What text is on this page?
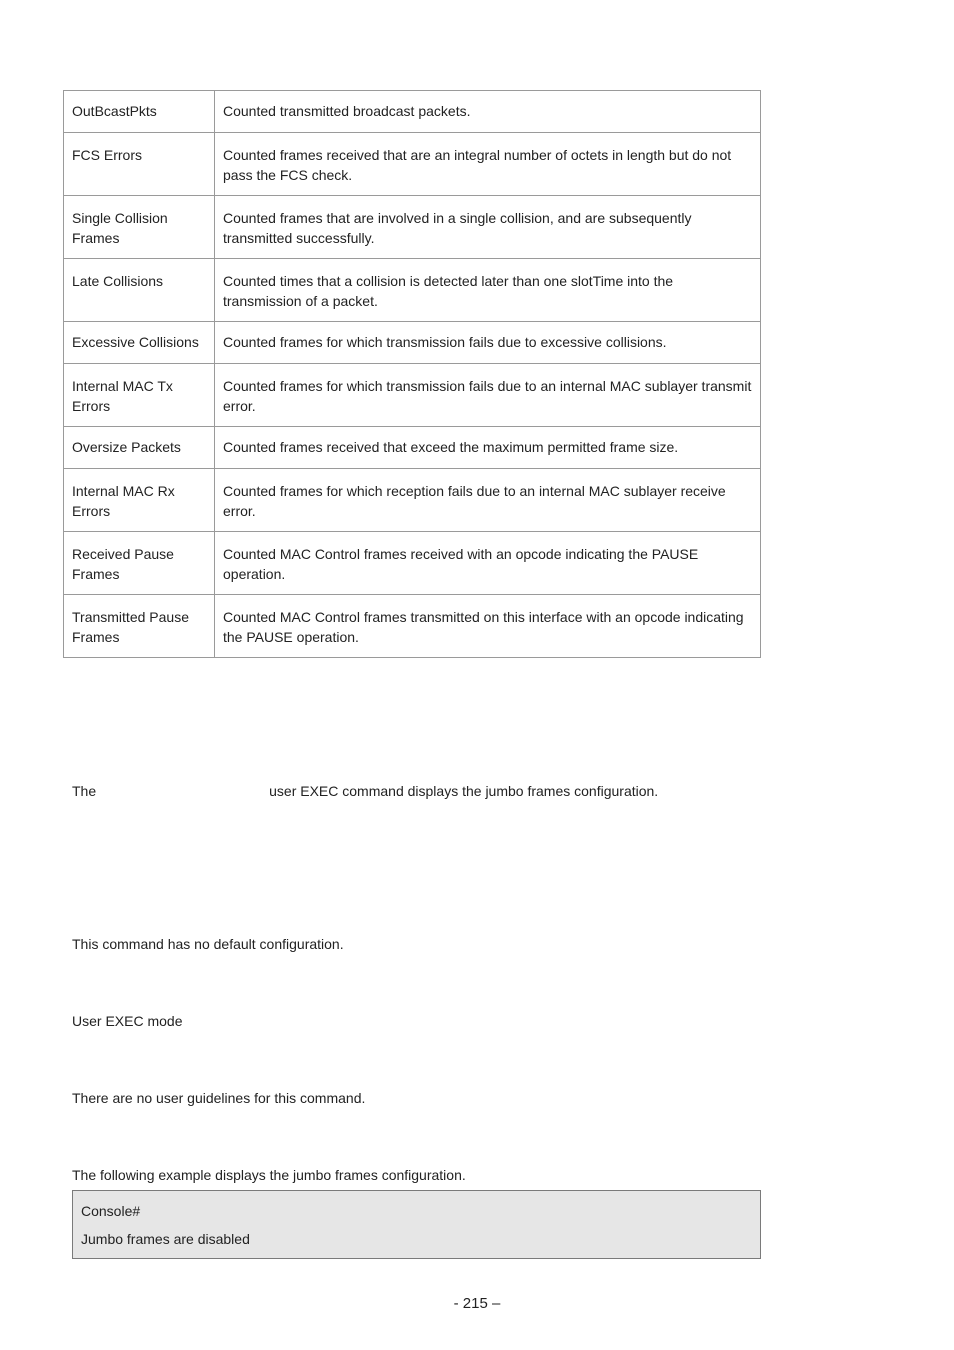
OutBcastPkts	Counted transmitted broadcast packets.
FCS Errors	Counted frames received that are an integral number of octets in length but do not pass the FCS check.
Single Collision Frames	Counted frames that are involved in a single collision, and are subsequently transmitted successfully.
Late Collisions	Counted times that a collision is detected later than one slotTime into the transmission of a packet.
Excessive Collisions	Counted frames for which transmission fails due to excessive collisions.
Internal MAC Tx Errors	Counted frames for which transmission fails due to an internal MAC sublayer transmit error.
Oversize Packets	Counted frames received that exceed the maximum permitted frame size.
Internal MAC Rx Errors	Counted frames for which reception fails due to an internal MAC sublayer receive error.
Received Pause Frames	Counted MAC Control frames received with an opcode indicating the PAUSE operation.
Transmitted Pause Frames	Counted MAC Control frames transmitted on this interface with an opcode indicating the PAUSE operation.
The	user EXEC command displays the jumbo frames configuration.
This command has no default configuration.
User EXEC mode
There are no user guidelines for this command.
The following example displays the jumbo frames configuration.
Console#
Jumbo frames are disabled
- 215 –
